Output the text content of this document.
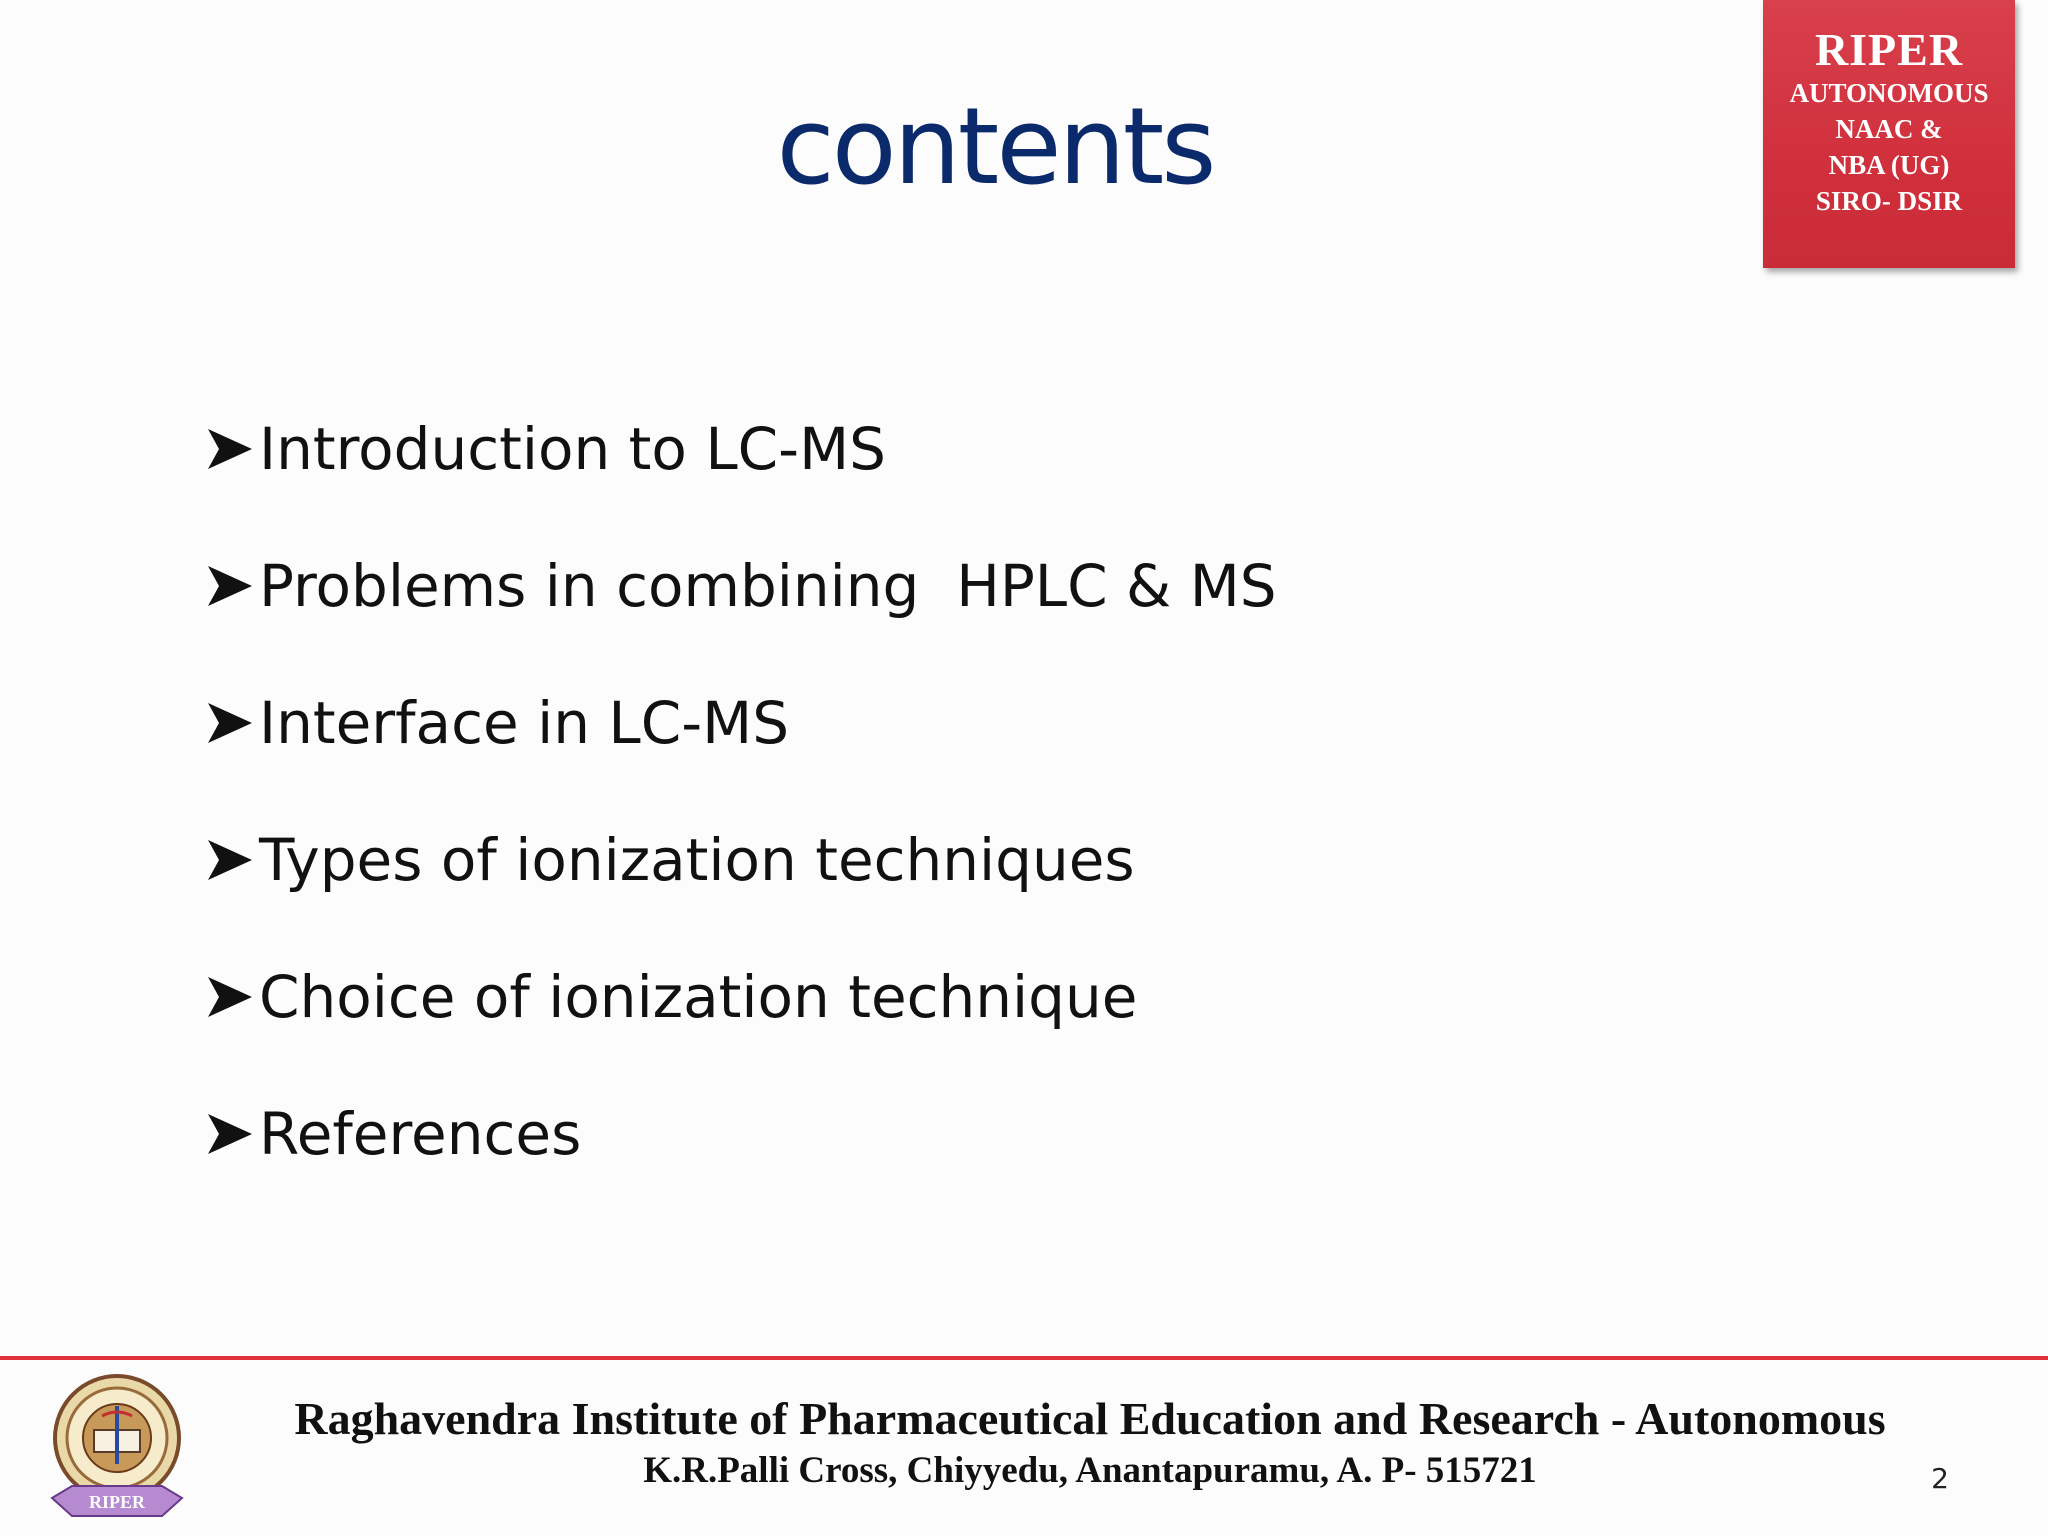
contents
RIPER
AUTONOMOUS
NAAC &
NBA (UG)
SIRO- DSIR
Introduction to LC-MS
Problems in combining  HPLC & MS
Interface in LC-MS
Types of ionization techniques
Choice of ionization technique
References
RIPER
Raghavendra Institute of Pharmaceutical Education and Research - Autonomous
K.R.Palli Cross, Chiyyedu, Anantapuramu, A. P- 515721	2
